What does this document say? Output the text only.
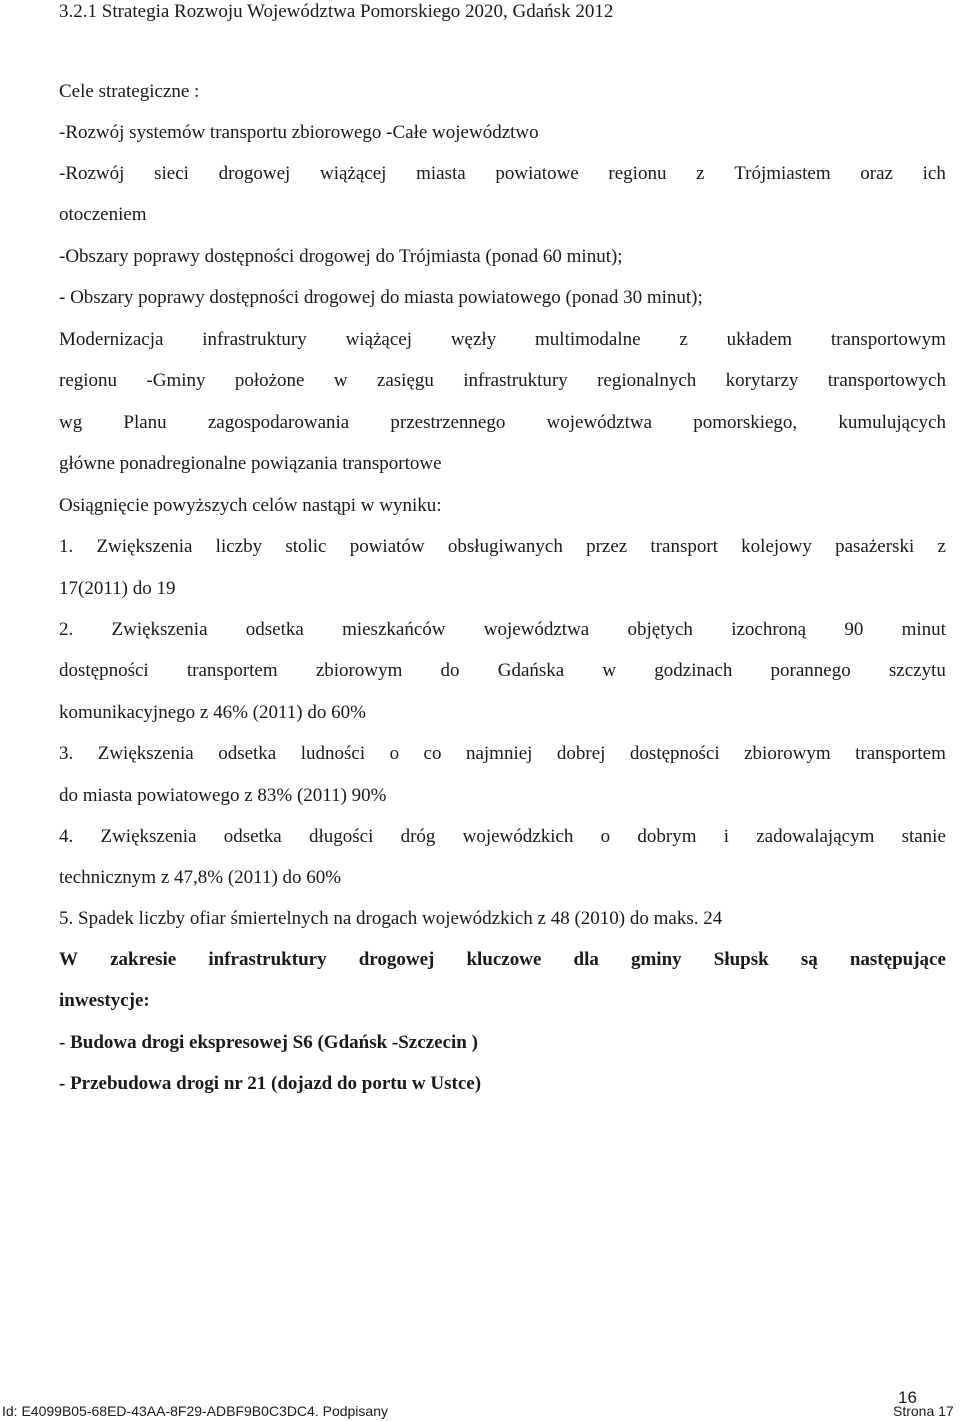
3.2.1 Strategia Rozwoju Województwa Pomorskiego 2020, Gdańsk 2012
Cele strategiczne :
-Rozwój systemów transportu zbiorowego -Całe województwo
-Rozwój sieci drogowej wiążącej miasta powiatowe regionu z Trójmiastem oraz ich
otoczeniem
-Obszary poprawy dostępności drogowej do Trójmiasta (ponad 60 minut);
- Obszary poprawy dostępności drogowej do miasta powiatowego (ponad 30 minut);
Modernizacja infrastruktury wiążącej węzły multimodalne z układem transportowym
regionu -Gminy położone w zasięgu infrastruktury regionalnych korytarzy transportowych
wg Planu zagospodarowania przestrzennego województwa pomorskiego, kumulujących
główne ponadregionalne powiązania transportowe
Osiągnięcie powyższych celów nastąpi w wyniku:
1. Zwiększenia liczby stolic powiatów obsługiwanych przez transport kolejowy pasażerski z
17(2011) do 19
2. Zwiększenia odsetka mieszkańców województwa objętych izochroną 90 minut
dostępności transportem zbiorowym do Gdańska w godzinach porannego szczytu
komunikacyjnego z 46% (2011) do 60%
3. Zwiększenia odsetka ludności o co najmniej dobrej dostępności zbiorowym transportem
do miasta powiatowego z 83% (2011) 90%
4. Zwiększenia odsetka długości dróg wojewódzkich o dobrym i zadowalającym stanie
technicznym z 47,8% (2011) do 60%
5. Spadek liczby ofiar śmiertelnych na drogach wojewódzkich z 48 (2010) do maks. 24
W zakresie infrastruktury drogowej kluczowe dla gminy Słupsk są następujące
inwestycje:
- Budowa drogi ekspresowej S6 (Gdańsk -Szczecin )
- Przebudowa drogi nr 21 (dojazd do portu w Ustce)
Id: E4099B05-68ED-43AA-8F29-ADBF9B0C3DC4. Podpisany
16
Strona 17
